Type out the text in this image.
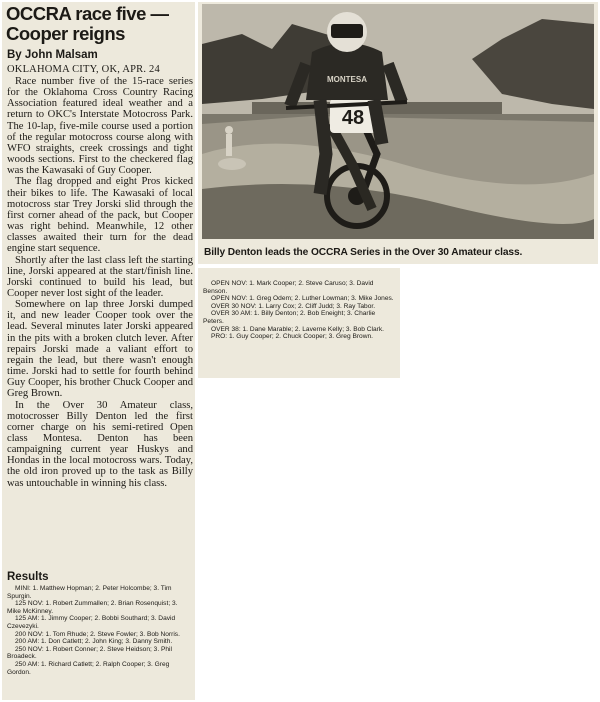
OCCRA race five —
Cooper reigns
By John Malsam
OKLAHOMA CITY, OK, APR. 24

Race number five of the 15-race series for the Oklahoma Cross Country Racing Association featured ideal weather and a return to OKC's Interstate Motocross Park. The 10-lap, five-mile course used a portion of the regular motocross course along with WFO straights, creek crossings and tight woods sections. First to the checkered flag was the Kawasaki of Guy Cooper.

The flag dropped and eight Pros kicked their bikes to life. The Kawasaki of local motocross star Trey Jorski slid through the first corner ahead of the pack, but Cooper was right behind. Meanwhile, 12 other classes awaited their turn for the dead engine start sequence.

Shortly after the last class left the starting line, Jorski appeared at the start/finish line. Jorski continued to build his lead, but Cooper never lost sight of the leader.

Somewhere on lap three Jorski dumped it, and new leader Cooper took over the lead. Several minutes later Jorski appeared in the pits with a broken clutch lever. After repairs Jorski made a valiant effort to regain the lead, but there wasn't enough time. Jorski had to settle for fourth behind Guy Cooper, his brother Chuck Cooper and Greg Brown.

In the Over 30 Amateur class, motocrosser Billy Denton led the first corner charge on his semi-retired Open class Montesa. Denton has been campaigning current year Huskys and Hondas in the local motocross wars. Today, the old iron proved up to the task as Billy was untouchable in winning his class.

Results

MINI: 1. Matthew Hopman; 2. Peter Holcombe; 3. Tim Spurgin.

125 NOV: 1. Robert Zummallen; 2. Brian Rosenquist; 3. Mike McKinney.

125 AM: 1. Jimmy Cooper; 2. Bobbi Southard; 3. David Czevezyki.

200 NOV: 1. Tom Rhude; 2. Steve Fowler; 3. Bob Norris.

200 AM: 1. Don Catlett; 2. John King; 3. Danny Smith.

250 NOV: 1. Robert Conner; 2. Steve Heidson; 3. Phil Broadeck.

250 AM: 1. Richard Catlett; 2. Ralph Cooper; 3. Greg Gordon.

48
MONTESA
Billy Denton leads the OCCRA Series in the Over 30 Amateur class.

OPEN NOV: 1. Mark Cooper; 2. Steve Caruso; 3. David Benson.

OPEN NOV: 1. Greg Odem; 2. Luther Lowman; 3. Mike Jones.

OVER 30 NOV: 1. Larry Cox; 2. Cliff Judd; 3. Ray Tabor.

OVER 30 AM: 1. Billy Denton; 2. Bob Eneight; 3. Charlie Peters.

OVER 38: 1. Dane Marable; 2. Laverne Kelly; 3. Bob Clark.

PRO: 1. Guy Cooper; 2. Chuck Cooper; 3. Greg Brown.
